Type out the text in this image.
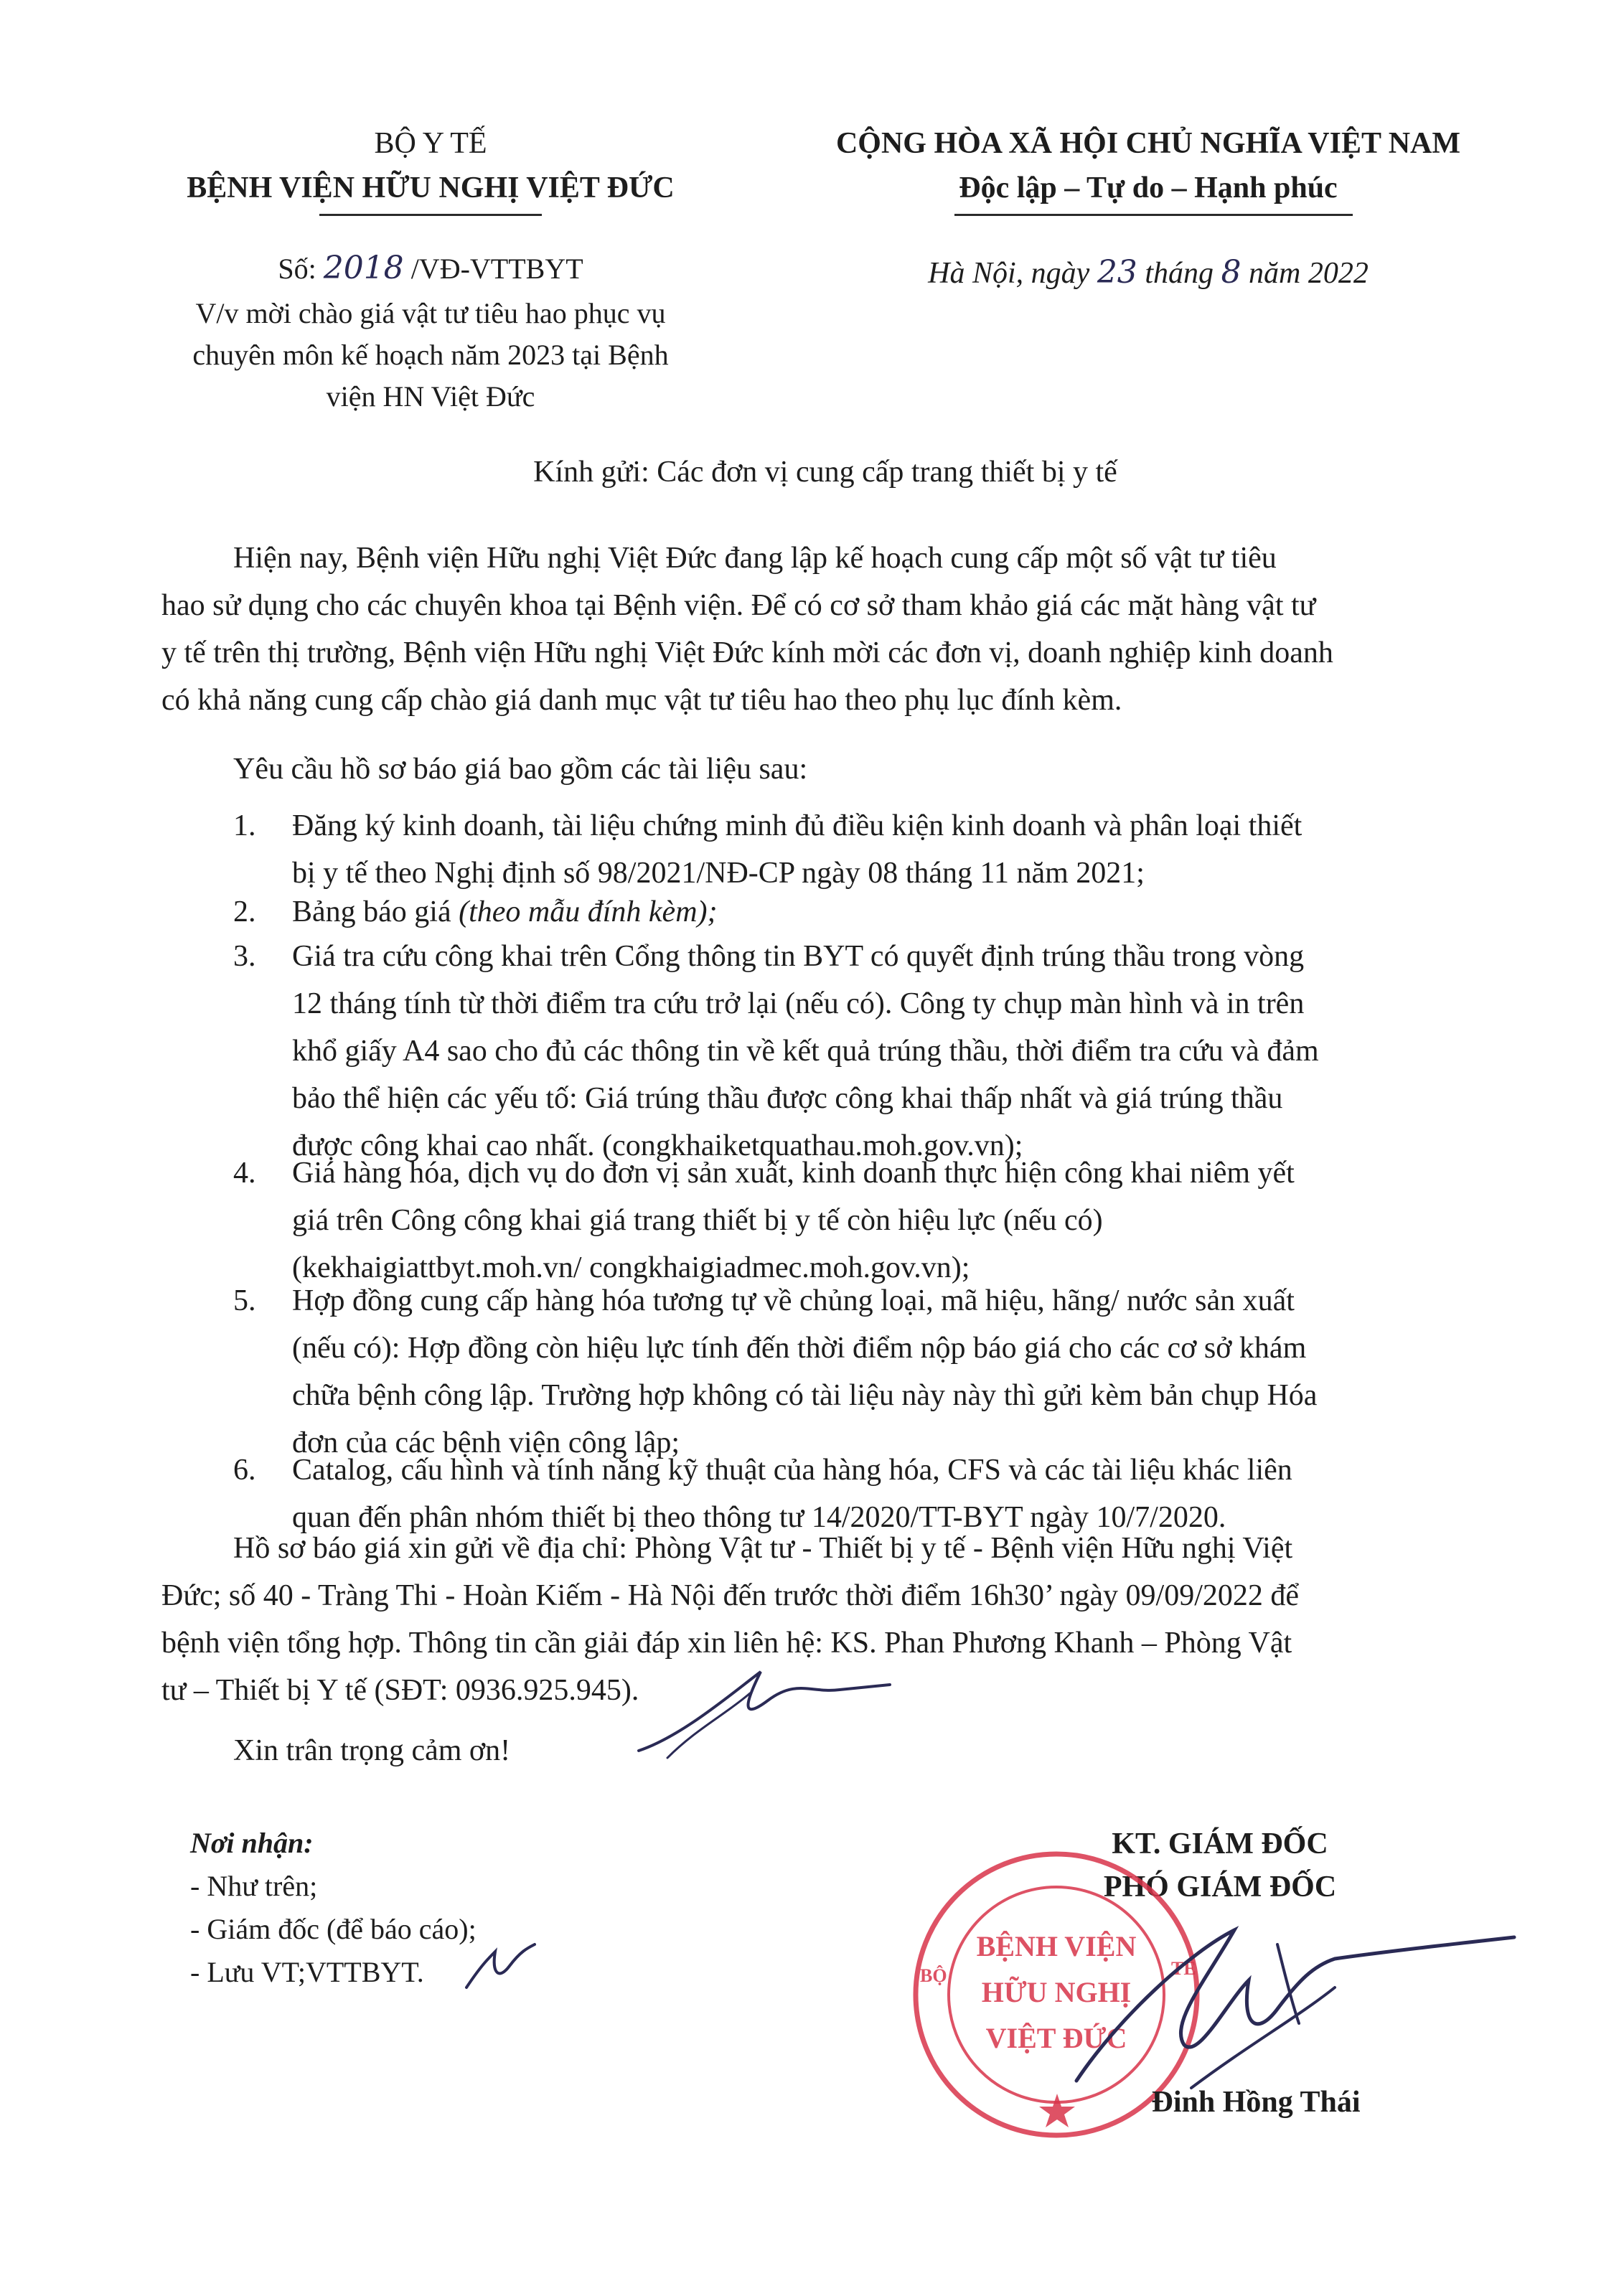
BỘ Y TẾ
BỆNH VIỆN HỮU NGHỊ VIỆT ĐỨC
Số: 2018 /VĐ-VTTBYT
V/v mời chào giá vật tư tiêu hao phục vụ
chuyên môn kế hoạch năm 2023 tại Bệnh
viện HN Việt Đức
CỘNG HÒA XÃ HỘI CHỦ NGHĨA VIỆT NAM
Độc lập – Tự do – Hạnh phúc
Hà Nội, ngày 23 tháng 8 năm 2022
Kính gửi: Các đơn vị cung cấp trang thiết bị y tế
Hiện nay, Bệnh viện Hữu nghị Việt Đức đang lập kế hoạch cung cấp một số vật tư tiêu
hao sử dụng cho các chuyên khoa tại Bệnh viện. Để có cơ sở tham khảo giá các mặt hàng vật tư
y tế trên thị trường, Bệnh viện Hữu nghị Việt Đức kính mời các đơn vị, doanh nghiệp kinh doanh
có khả năng cung cấp chào giá danh mục vật tư tiêu hao theo phụ lục đính kèm.
Yêu cầu hồ sơ báo giá bao gồm các tài liệu sau:
1.	Đăng ký kinh doanh, tài liệu chứng minh đủ điều kiện kinh doanh và phân loại thiết
bị y tế theo Nghị định số 98/2021/NĐ-CP ngày 08 tháng 11 năm 2021;
2.	Bảng báo giá (theo mẫu đính kèm);
3.	Giá tra cứu công khai trên Cổng thông tin BYT có quyết định trúng thầu trong vòng
12 tháng tính từ thời điểm tra cứu trở lại (nếu có). Công ty chụp màn hình và in trên
khổ giấy A4 sao cho đủ các thông tin về kết quả trúng thầu, thời điểm tra cứu và đảm
bảo thể hiện các yếu tố: Giá trúng thầu được công khai thấp nhất và giá trúng thầu
được công khai cao nhất. (congkhaiketquathau.moh.gov.vn);
4.	Giá hàng hóa, dịch vụ do đơn vị sản xuất, kinh doanh thực hiện công khai niêm yết
giá trên Công công khai giá trang thiết bị y tế còn hiệu lực (nếu có)
(kekhaigiattbyt.moh.vn/ congkhaigiadmec.moh.gov.vn);
5.	Hợp đồng cung cấp hàng hóa tương tự về chủng loại, mã hiệu, hãng/ nước sản xuất
(nếu có): Hợp đồng còn hiệu lực tính đến thời điểm nộp báo giá cho các cơ sở khám
chữa bệnh công lập. Trường hợp không có tài liệu này này thì gửi kèm bản chụp Hóa
đơn của các bệnh viện công lập;
6.	Catalog, cấu hình và tính năng kỹ thuật của hàng hóa, CFS và các tài liệu khác liên
quan đến phân nhóm thiết bị theo thông tư 14/2020/TT-BYT ngày 10/7/2020.
Hồ sơ báo giá xin gửi về địa chỉ: Phòng Vật tư - Thiết bị y tế - Bệnh viện Hữu nghị Việt
Đức; số 40 - Tràng Thi - Hoàn Kiếm - Hà Nội đến trước thời điểm 16h30’ ngày 09/09/2022 để
bệnh viện tổng hợp. Thông tin cần giải đáp xin liên hệ: KS. Phan Phương Khanh – Phòng Vật
tư – Thiết bị Y tế (SĐT: 0936.925.945).
Xin trân trọng cảm ơn!
Nơi nhận:
- Như trên;
- Giám đốc (để báo cáo);
- Lưu VT;VTTBYT.
KT. GIÁM ĐỐC
PHÓ GIÁM ĐỐC
BỆNH VIỆN
HỮU NGHỊ
VIỆT ĐỨC
BỘ	TẾ
Đinh Hồng Thái
